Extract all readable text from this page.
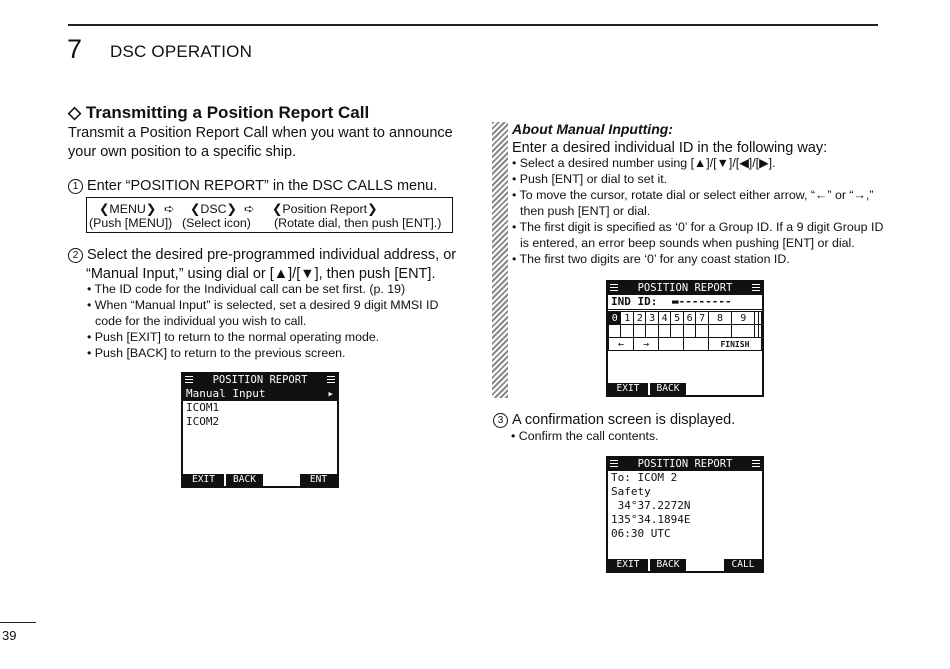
7 DSC OPERATION
◇ Transmitting a Position Report Call
Transmit a Position Report Call when you want to announce
your own position to a specific ship.
1 Enter “POSITION REPORT” in the DSC CALLS menu.
❮MENU❯ ➪ ❮DSC❯ ➪ ❮Position Report❯
(Push [MENU]) (Select icon) (Rotate dial, then push [ENT].)
2 Select the desired pre-programmed individual address, or
“Manual Input,” using dial or [▲]/[▼], then push [ENT].
• The ID code for the Individual call can be set first. (p. 19)
• When “Manual Input” is selected, set a desired 9 digit MMSI ID
code for the individual you wish to call.
• Push [EXIT] to return to the normal operating mode.
• Push [BACK] to return to the previous screen.
POSITION REPORT
Manual Input	▸
ICOM1
ICOM2
EXIT	BACK	ENT
About Manual Inputting:
Enter a desired individual ID in the following way:
• Select a desired number using [▲]/[▼]/[◀]/[▶].
• Push [ENT] or dial to set it.
• To move the cursor, rotate dial or select either arrow, “←” or “→,”
then push [ENT] or dial.
• The first digit is specified as ‘0’ for a Group ID. If a 9 digit Group ID
is entered, an error beep sounds when pushing [ENT] or dial.
• The first two digits are ‘0’ for any coast station ID.
POSITION REPORT
IND ID: ▬--------
0	1	2	3	4	5	6	7	8	9		

←		→						FINISH			
EXIT	BACK
3 A confirmation screen is displayed.
• Confirm the call contents.
POSITION REPORT
To: ICOM 2
Safety
34°37.2272N
135°34.1894E
06:30 UTC
EXIT	BACK	CALL
39
